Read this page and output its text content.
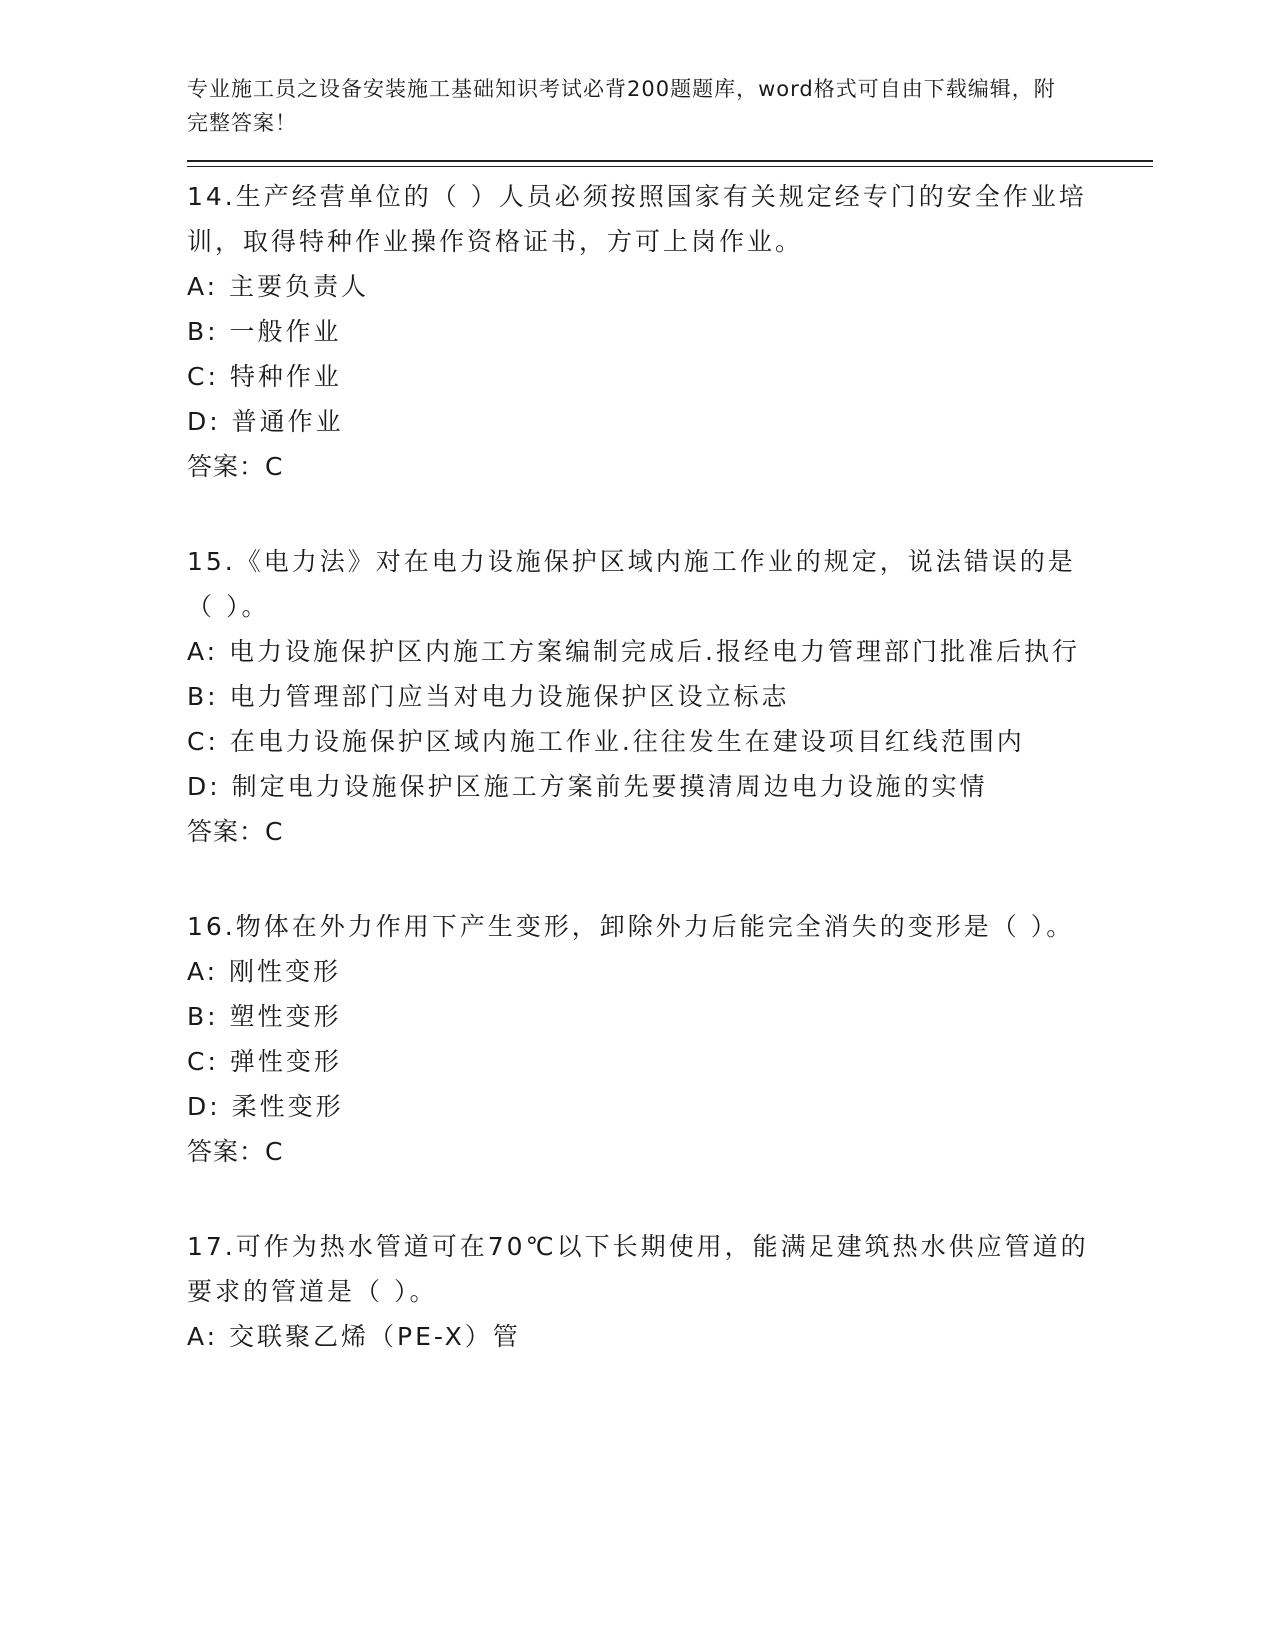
专业施工员之设备安装施工基础知识考试必背200题题库，word格式可自由下载编辑，附完整答案！
14.生产经营单位的（ ）人员必须按照国家有关规定经专门的安全作业培训，取得特种作业操作资格证书，方可上岗作业。
A: 主要负责人
B: 一般作业
C: 特种作业
D: 普通作业
答案：C
15.《电力法》对在电力设施保护区域内施工作业的规定，说法错误的是（ ）。
A: 电力设施保护区内施工方案编制完成后.报经电力管理部门批准后执行
B: 电力管理部门应当对电力设施保护区设立标志
C: 在电力设施保护区域内施工作业.往往发生在建设项目红线范围内
D: 制定电力设施保护区施工方案前先要摸清周边电力设施的实情
答案：C
16.物体在外力作用下产生变形，卸除外力后能完全消失的变形是（ ）。
A: 刚性变形
B: 塑性变形
C: 弹性变形
D: 柔性变形
答案：C
17.可作为热水管道可在70℃以下长期使用，能满足建筑热水供应管道的要求的管道是（ ）。
A: 交联聚乙烯（PE-X）管
